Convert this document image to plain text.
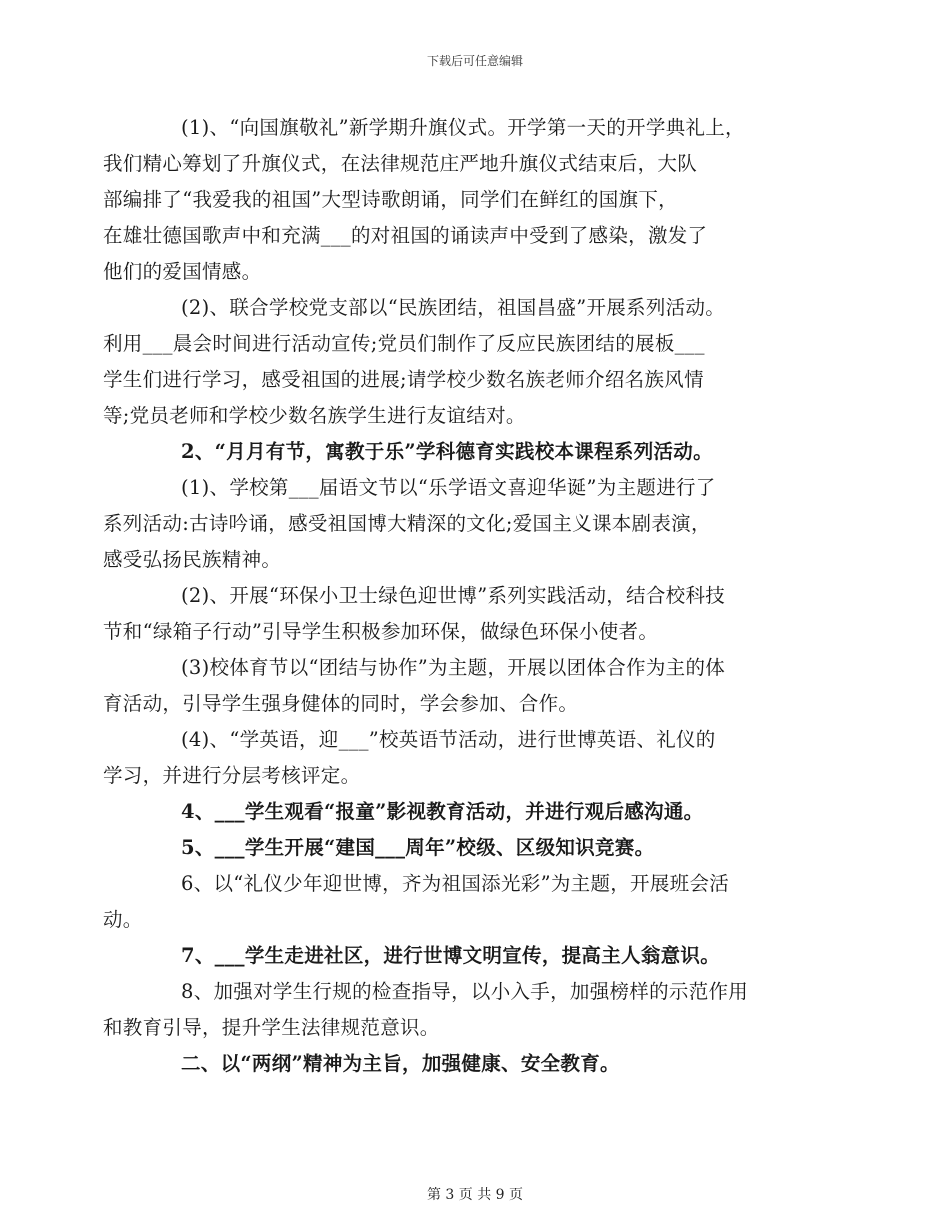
下载后可任意编辑

(1)、“向国旗敬礼”新学期升旗仪式。开学第一天的开学典礼上，
我们精心筹划了升旗仪式，在法律规范庄严地升旗仪式结束后，大队
部编排了“我爱我的祖国”大型诗歌朗诵，同学们在鲜红的国旗下，
在雄壮德国歌声中和充满___的对祖国的诵读声中受到了感染，激发了
他们的爱国情感。

(2)、联合学校党支部以“民族团结，祖国昌盛”开展系列活动。
利用___晨会时间进行活动宣传;党员们制作了反应民族团结的展板___
学生们进行学习，感受祖国的进展;请学校少数名族老师介绍名族风情
等;党员老师和学校少数名族学生进行友谊结对。

2、“月月有节，寓教于乐”学科德育实践校本课程系列活动。

(1)、学校第___届语文节以“乐学语文喜迎华诞”为主题进行了
系列活动:古诗吟诵，感受祖国博大精深的文化;爱国主义课本剧表演，
感受弘扬民族精神。

(2)、开展“环保小卫士绿色迎世博”系列实践活动，结合校科技
节和“绿箱子行动”引导学生积极参加环保，做绿色环保小使者。

(3)校体育节以“团结与协作”为主题，开展以团体合作为主的体
育活动，引导学生强身健体的同时，学会参加、合作。

(4)、“学英语，迎___”校英语节活动，进行世博英语、礼仪的
学习，并进行分层考核评定。

4、___学生观看“报童”影视教育活动，并进行观后感沟通。

5、___学生开展“建国___周年”校级、区级知识竞赛。

6、以“礼仪少年迎世博，齐为祖国添光彩”为主题，开展班会活
动。

7、___学生走进社区，进行世博文明宣传，提高主人翁意识。

8、加强对学生行规的检查指导，以小入手，加强榜样的示范作用
和教育引导，提升学生法律规范意识。

二、以“两纲”精神为主旨，加强健康、安全教育。

第 3 页 共 9 页
